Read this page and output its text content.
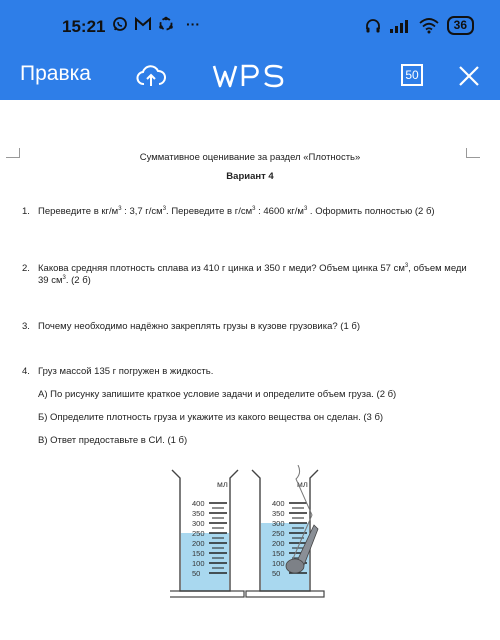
15:21	···	36
Правка	50
Суммативное оценивание за раздел «Плотность»
Вариант 4
1. Переведите в $кг/м^3$ : 3,7 $г/см^3$. Переведите в $г/см^3$ : 4600 $кг/м^3$ . Оформить полностью (2 б)
2. Какова средняя плотность сплава из 410 г цинка и 350 г меди? Объем цинка 57 $см^3$, объем меди 39 $см^3$. (2 б)
3. Почему необходимо надёжно закреплять грузы в кузове грузовика? (1 б)
4. Груз массой 135 г погружен в жидкость.
А) По рисунку запишите краткое условие задачи и определите объем груза. (2 б)
Б) Определите плотность груза и укажите из какого вещества он сделан. (3 б)
В) Ответ предоставьте в СИ. (1 б)
мл
400
350
300
250
200
150
100
50
мл
400
350
300
250
200
150
100
50
